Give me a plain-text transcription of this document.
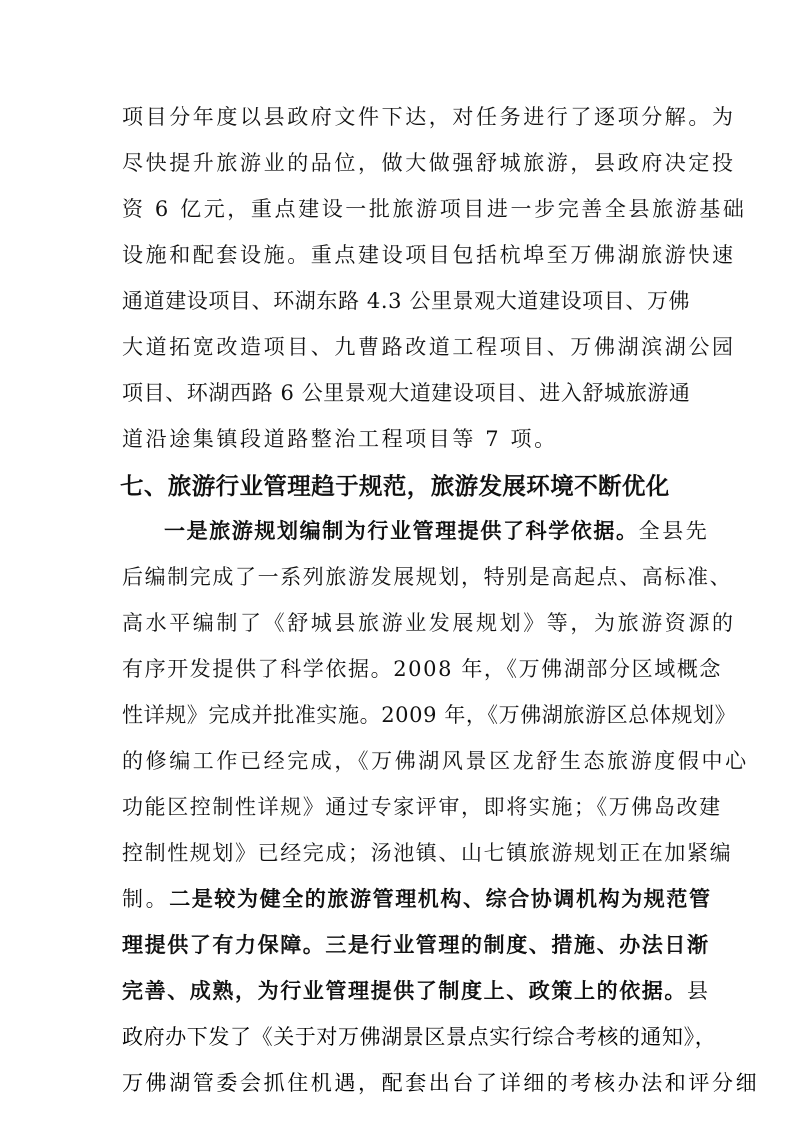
项目分年度以县政府文件下达，对任务进行了逐项分解。为
尽快提升旅游业的品位，做大做强舒城旅游，县政府决定投
资 6 亿元，重点建设一批旅游项目进一步完善全县旅游基础
设施和配套设施。重点建设项目包括杭埠至万佛湖旅游快速
通道建设项目、环湖东路 4.3 公里景观大道建设项目、万佛
大道拓宽改造项目、九曹路改道工程项目、万佛湖滨湖公园
项目、环湖西路 6 公里景观大道建设项目、进入舒城旅游通
道沿途集镇段道路整治工程项目等 7 项。
七、旅游行业管理趋于规范，旅游发展环境不断优化
一是旅游规划编制为行业管理提供了科学依据。全县先
后编制完成了一系列旅游发展规划，特别是高起点、高标准、
高水平编制了《舒城县旅游业发展规划》等，为旅游资源的
有序开发提供了科学依据。2008 年，《万佛湖部分区域概念
性详规》完成并批准实施。2009 年，《万佛湖旅游区总体规划》
的修编工作已经完成，《万佛湖风景区龙舒生态旅游度假中心
功能区控制性详规》通过专家评审，即将实施；《万佛岛改建
控制性规划》已经完成；汤池镇、山七镇旅游规划正在加紧编
制。二是较为健全的旅游管理机构、综合协调机构为规范管
理提供了有力保障。三是行业管理的制度、措施、办法日渐
完善、成熟，为行业管理提供了制度上、政策上的依据。县
政府办下发了《关于对万佛湖景区景点实行综合考核的通知》，
万佛湖管委会抓住机遇，配套出台了详细的考核办法和评分细
